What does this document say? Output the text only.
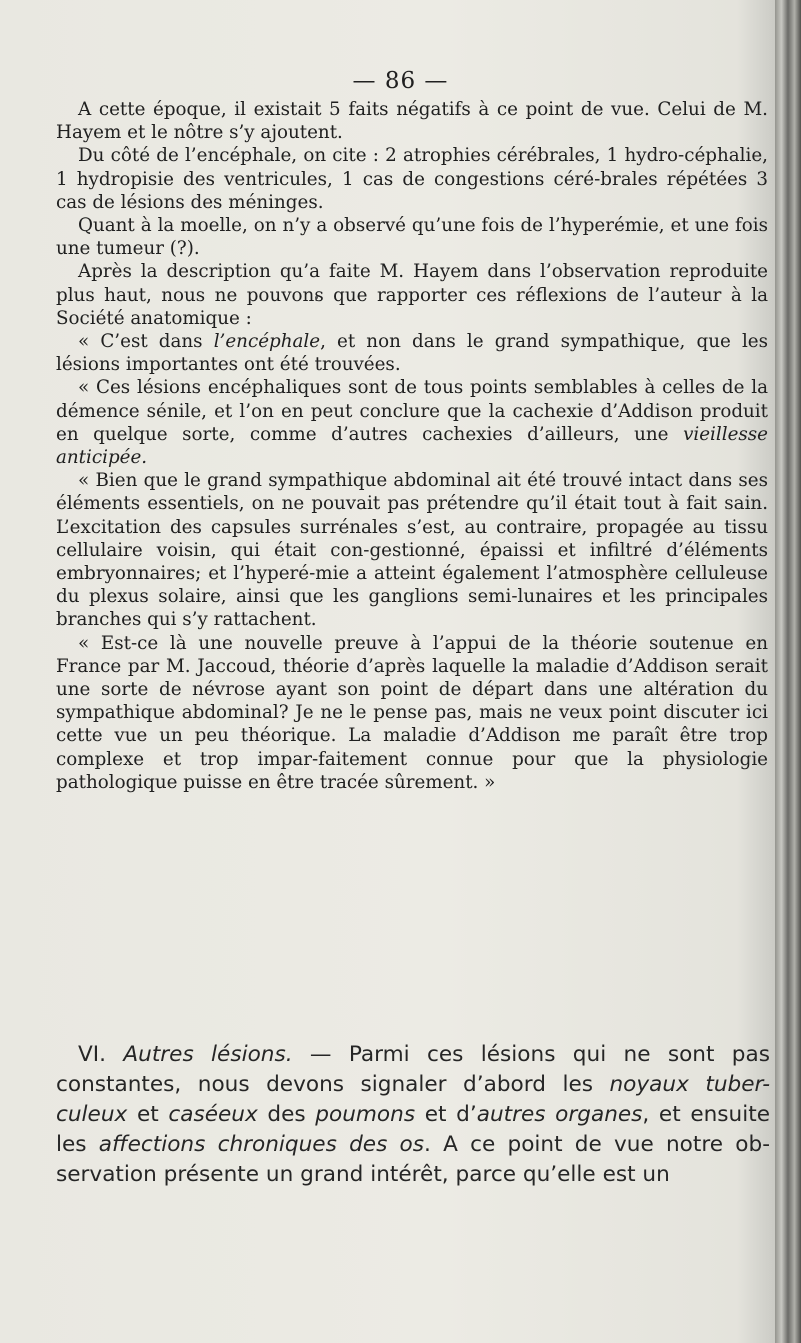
— 86 —

A cette époque, il existait 5 faits négatifs à ce point de vue. Celui de M. Hayem et le nôtre s’y ajoutent.

Du côté de l’encéphale, on cite : 2 atrophies cérébrales, 1 hydro-céphalie, 1 hydropisie des ventricules, 1 cas de congestions céré-brales répétées 3 cas de lésions des méninges.

Quant à la moelle, on n’y a observé qu’une fois de l’hyperémie, et une fois une tumeur (?).

Après la description qu’a faite M. Hayem dans l’observation reproduite plus haut, nous ne pouvons que rapporter ces réflexions de l’auteur à la Société anatomique :

« C’est dans l’encéphale, et non dans le grand sympathique, que les lésions importantes ont été trouvées.

« Ces lésions encéphaliques sont de tous points semblables à celles de la démence sénile, et l’on en peut conclure que la cachexie d’Addison produit en quelque sorte, comme d’autres cachexies d’ailleurs, une vieillesse anticipée.

« Bien que le grand sympathique abdominal ait été trouvé intact dans ses éléments essentiels, on ne pouvait pas prétendre qu’il était tout à fait sain. L’excitation des capsules surrénales s’est, au contraire, propagée au tissu cellulaire voisin, qui était con-gestionné, épaissi et infiltré d’éléments embryonnaires; et l’hyperé-mie a atteint également l’atmosphère celluleuse du plexus solaire, ainsi que les ganglions semi-lunaires et les principales branches qui s’y rattachent.

« Est-ce là une nouvelle preuve à l’appui de la théorie soutenue en France par M. Jaccoud, théorie d’après laquelle la maladie d’Addison serait une sorte de névrose ayant son point de départ dans une altération du sympathique abdominal? Je ne le pense pas, mais ne veux point discuter ici cette vue un peu théorique. La maladie d’Addison me paraît être trop complexe et trop impar-faitement connue pour que la physiologie pathologique puisse en être tracée sûrement. »

VI. Autres lésions. — Parmi ces lésions qui ne sont pas constantes, nous devons signaler d’abord les noyaux tuber-culeux et caséeux des poumons et d’autres organes, et ensuite les affections chroniques des os. A ce point de vue notre ob-servation présente un grand intérêt, parce qu’elle est un
